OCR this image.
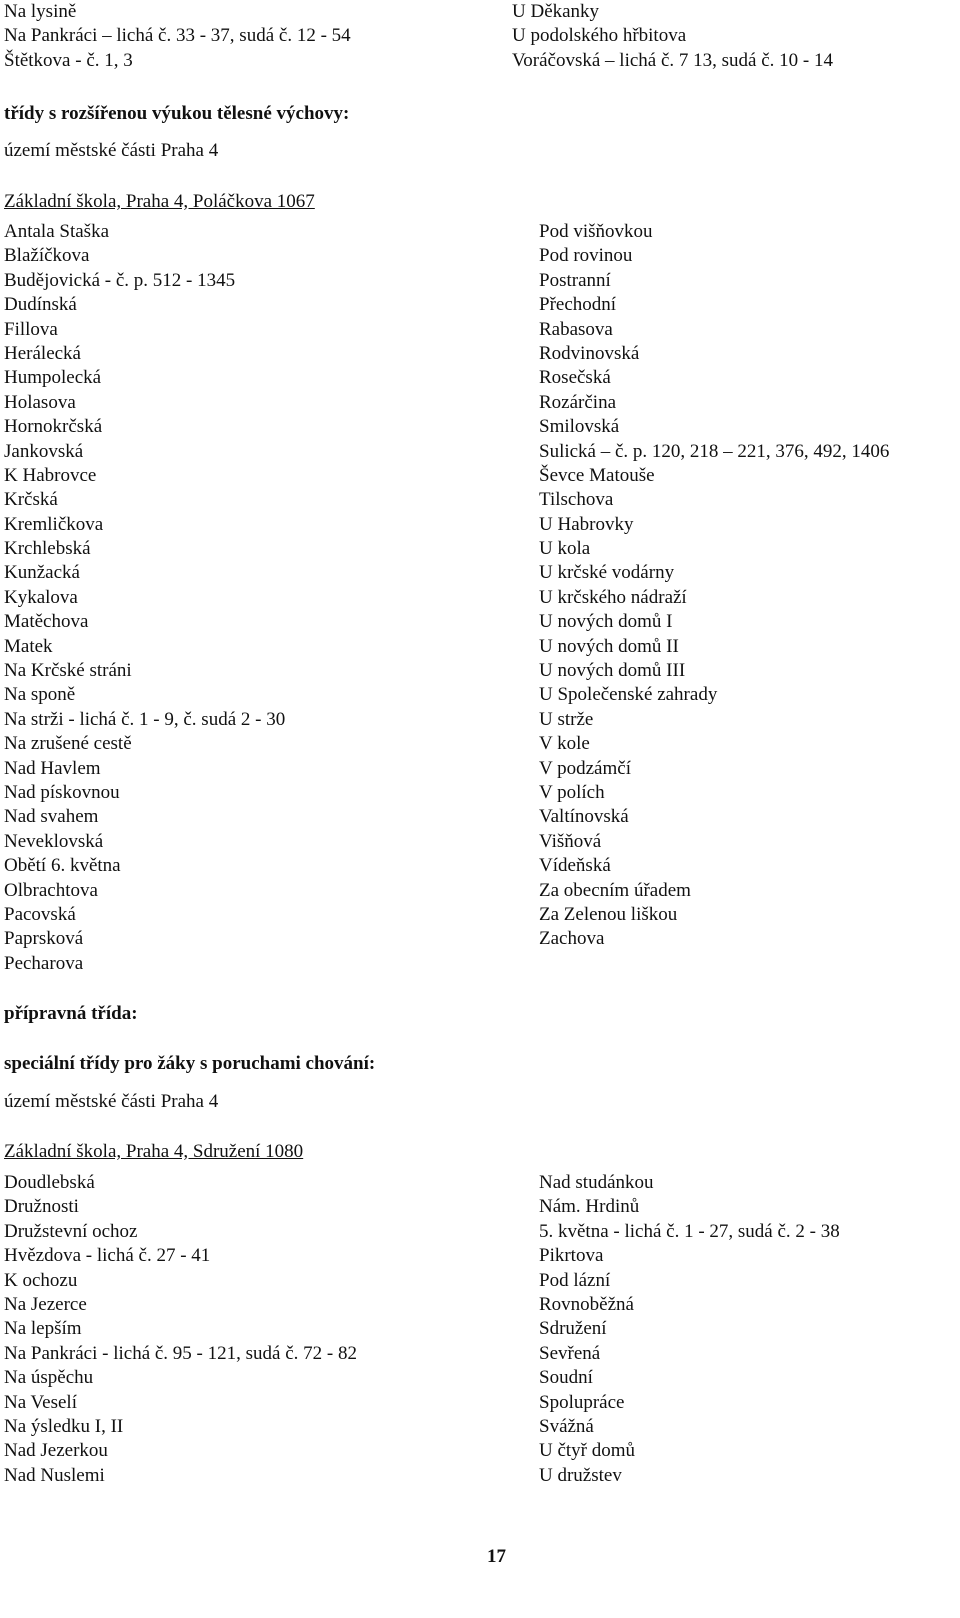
Na lysině
Na Pankráci – lichá č. 33 - 37, sudá č. 12 - 54
Štětkova - č. 1, 3
U Děkanky
U podolského hřbitova
Voráčovská – lichá č. 7 13, sudá č. 10 - 14
třídy s rozšířenou výukou tělesné výchovy:
území městské části Praha 4
Základní škola, Praha 4, Poláčkova 1067
Antala Staška
Blažíčkova
Budějovická - č. p. 512 - 1345
Dudínská
Fillova
Herálecká
Humpolecká
Holasova
Hornokrčská
Jankovská
K Habrovce
Krčská
Kremličkova
Krchlebská
Kunžacká
Kykalova
Matěchova
Matek
Na Krčské stráni
Na sponě
Na strži - lichá č. 1 - 9, č. sudá 2 - 30
Na zrušené cestě
Nad Havlem
Nad pískovnou
Nad svahem
Neveklovská
Obětí 6. května
Olbrachtova
Pacovská
Paprsková
Pecharova
Pod višňovkou
Pod rovinou
Postranní
Přechodní
Rabasova
Rodvinovská
Rosečská
Rozárčina
Smilovská
Sulická – č. p. 120, 218 – 221, 376, 492, 1406
Ševce Matouše
Tilschova
U Habrovky
U kola
U krčské vodárny
U krčského nádraží
U nových domů I
U nových domů II
U nových domů III
U Společenské zahrady
U strže
V kole
V podzámčí
V polích
Valtínovská
Višňová
Vídeňská
Za obecním úřadem
Za Zelenou liškou
Zachova
přípravná třída:
speciální třídy pro žáky s poruchami chování:
území městské části Praha 4
Základní škola, Praha 4, Sdružení 1080
Doudlebská
Družnosti
Družstevní ochoz
Hvězdova - lichá č. 27 - 41
K ochozu
Na Jezerce
Na lepším
Na Pankráci - lichá č. 95 - 121, sudá č. 72 - 82
Na úspěchu
Na Veselí
Na ýsledku I, II
Nad Jezerkou
Nad Nuslemi
Nad studánkou
Nám. Hrdinů
5. května - lichá č. 1 - 27, sudá č. 2 - 38
Pikrtova
Pod lázní
Rovnoběžná
Sdružení
Sevřená
Soudní
Spolupráce
Svážná
U čtyř domů
U družstev
17
